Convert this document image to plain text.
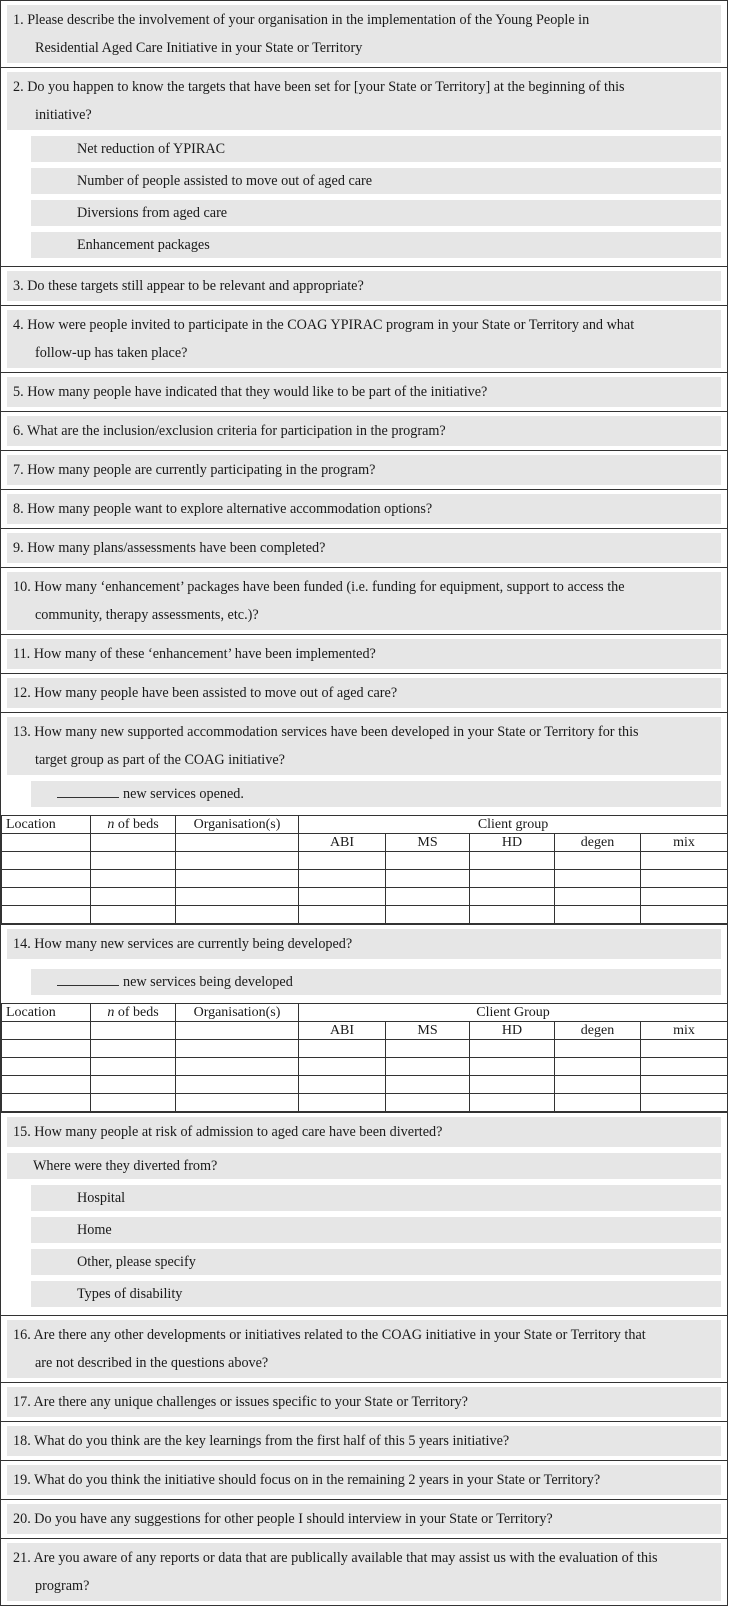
1. Please describe the involvement of your organisation in the implementation of the Young People in
Residential Aged Care Initiative in your State or Territory
2. Do you happen to know the targets that have been set for [your State or Territory] at the beginning of this
initiative?
Net reduction of YPIRAC
Number of people assisted to move out of aged care
Diversions from aged care
Enhancement packages
3. Do these targets still appear to be relevant and appropriate?
4. How were people invited to participate in the COAG YPIRAC program in your State or Territory and what
follow-up has taken place?
5. How many people have indicated that they would like to be part of the initiative?
6. What are the inclusion/exclusion criteria for participation in the program?
7. How many people are currently participating in the program?
8. How many people want to explore alternative accommodation options?
9. How many plans/assessments have been completed?
10. How many ‘enhancement’ packages have been funded (i.e. funding for equipment, support to access the
community, therapy assessments, etc.)?
11. How many of these ‘enhancement’ have been implemented?
12. How many people have been assisted to move out of aged care?
13. How many new supported accommodation services have been developed in your State or Territory for this
target group as part of the COAG initiative?
new services opened.
Location	n of beds	Organisation(s)	Client group				
			ABI	MS	HD	degen	mix

14. How many new services are currently being developed?
new services being developed
Location	n of beds	Organisation(s)	Client Group				
			ABI	MS	HD	degen	mix

15. How many people at risk of admission to aged care have been diverted?
Where were they diverted from?
Hospital
Home
Other, please specify
Types of disability
16. Are there any other developments or initiatives related to the COAG initiative in your State or Territory that
are not described in the questions above?
17. Are there any unique challenges or issues specific to your State or Territory?
18. What do you think are the key learnings from the first half of this 5 years initiative?
19. What do you think the initiative should focus on in the remaining 2 years in your State or Territory?
20. Do you have any suggestions for other people I should interview in your State or Territory?
21. Are you aware of any reports or data that are publically available that may assist us with the evaluation of this
program?
